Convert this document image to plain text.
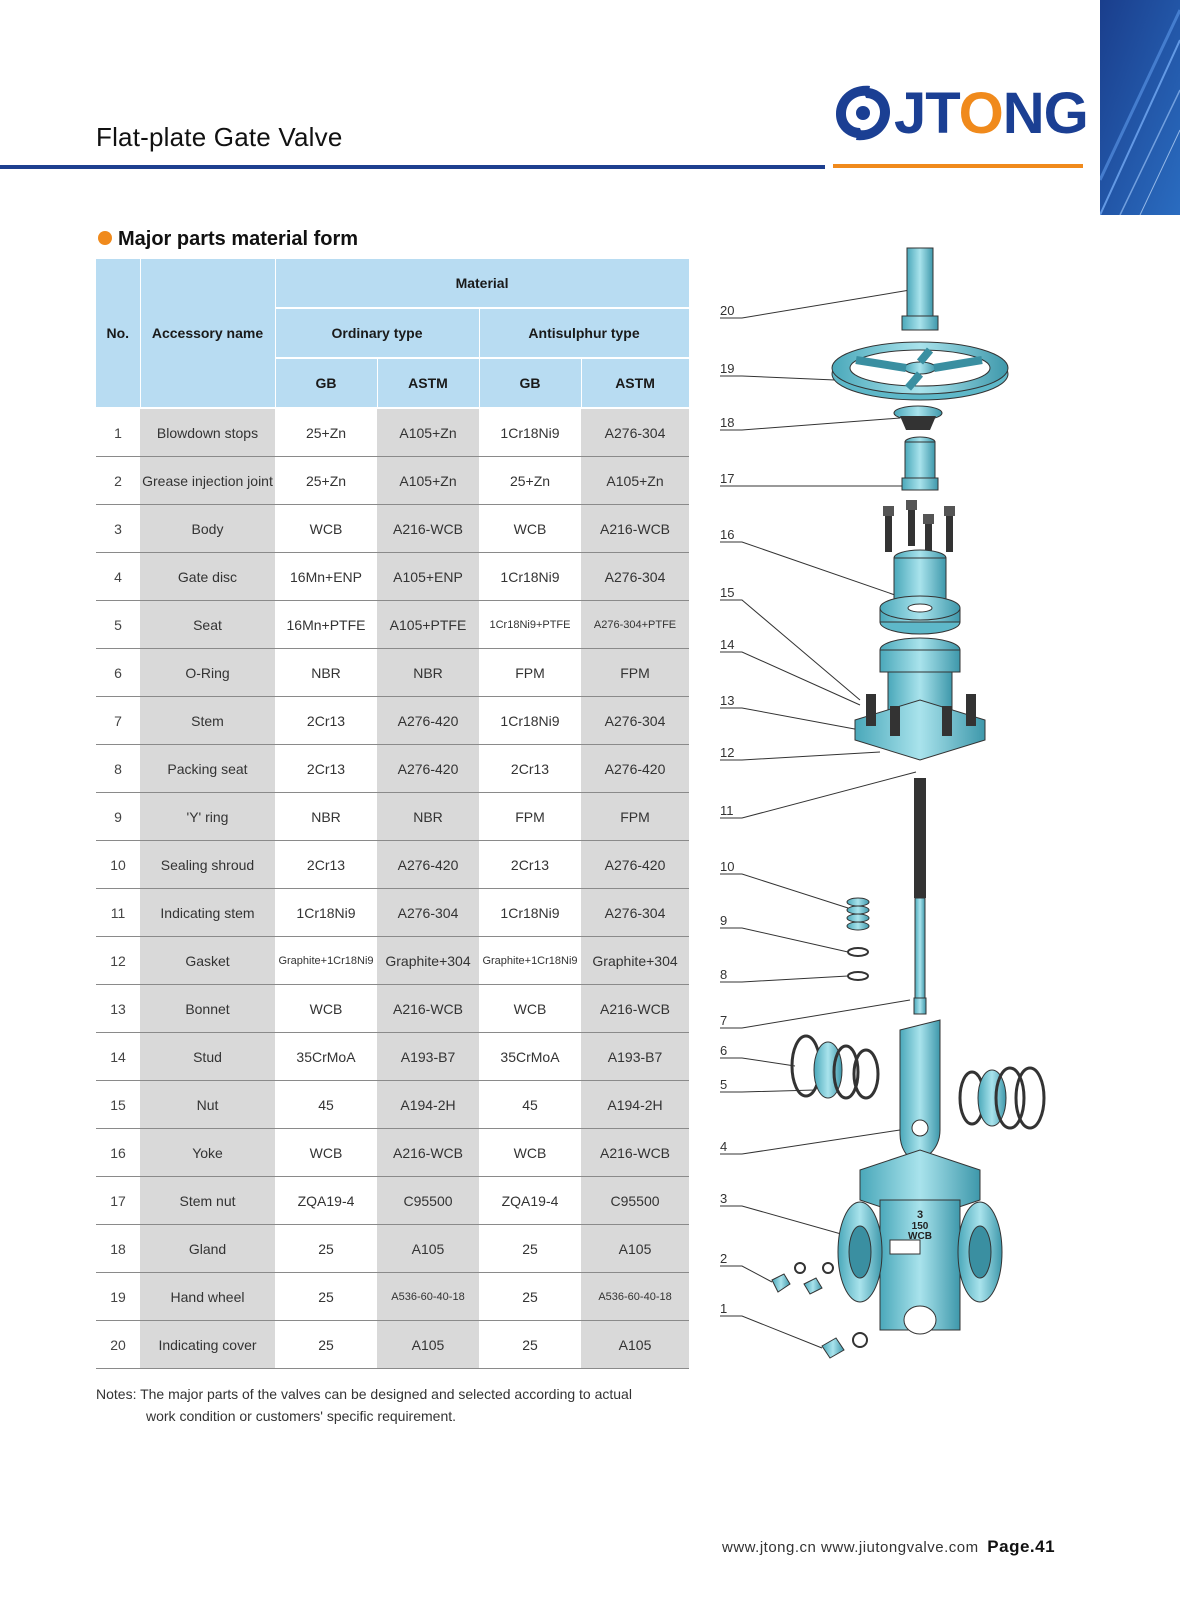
Flat-plate Gate Valve	JTONG
Major parts material form
No.	Accessory name	Material			
		Ordinary type		Antisulphur type	
		GB	ASTM	GB	ASTM
1	Blowdown stops	25+Zn	A105+Zn	1Cr18Ni9	A276-304
2	Grease injection joint	25+Zn	A105+Zn	25+Zn	A105+Zn
3	Body	WCB	A216-WCB	WCB	A216-WCB
4	Gate disc	16Mn+ENP	A105+ENP	1Cr18Ni9	A276-304
5	Seat	16Mn+PTFE	A105+PTFE	1Cr18Ni9+PTFE	A276-304+PTFE
6	O-Ring	NBR	NBR	FPM	FPM
7	Stem	2Cr13	A276-420	1Cr18Ni9	A276-304
8	Packing seat	2Cr13	A276-420	2Cr13	A276-420
9	'Y' ring	NBR	NBR	FPM	FPM
10	Sealing shroud	2Cr13	A276-420	2Cr13	A276-420
11	Indicating stem	1Cr18Ni9	A276-304	1Cr18Ni9	A276-304
12	Gasket	Graphite+1Cr18Ni9	Graphite+304	Graphite+1Cr18Ni9	Graphite+304
13	Bonnet	WCB	A216-WCB	WCB	A216-WCB
14	Stud	35CrMoA	A193-B7	35CrMoA	A193-B7
15	Nut	45	A194-2H	45	A194-2H
16	Yoke	WCB	A216-WCB	WCB	A216-WCB
17	Stem nut	ZQA19-4	C95500	ZQA19-4	C95500
18	Gland	25	A105	25	A105
19	Hand wheel	25	A536-60-40-18	25	A536-60-40-18
20	Indicating cover	25	A105	25	A105
Notes: The major parts of the valves can be designed and selected according to actual
work condition or customers' specific requirement.
20
19
18
17
16
15
14
13
12
11
10
9
8
7
6
5
4
3
2
1
3
150
WCB
www.jtong.cn www.jiutongvalve.com Page.41
